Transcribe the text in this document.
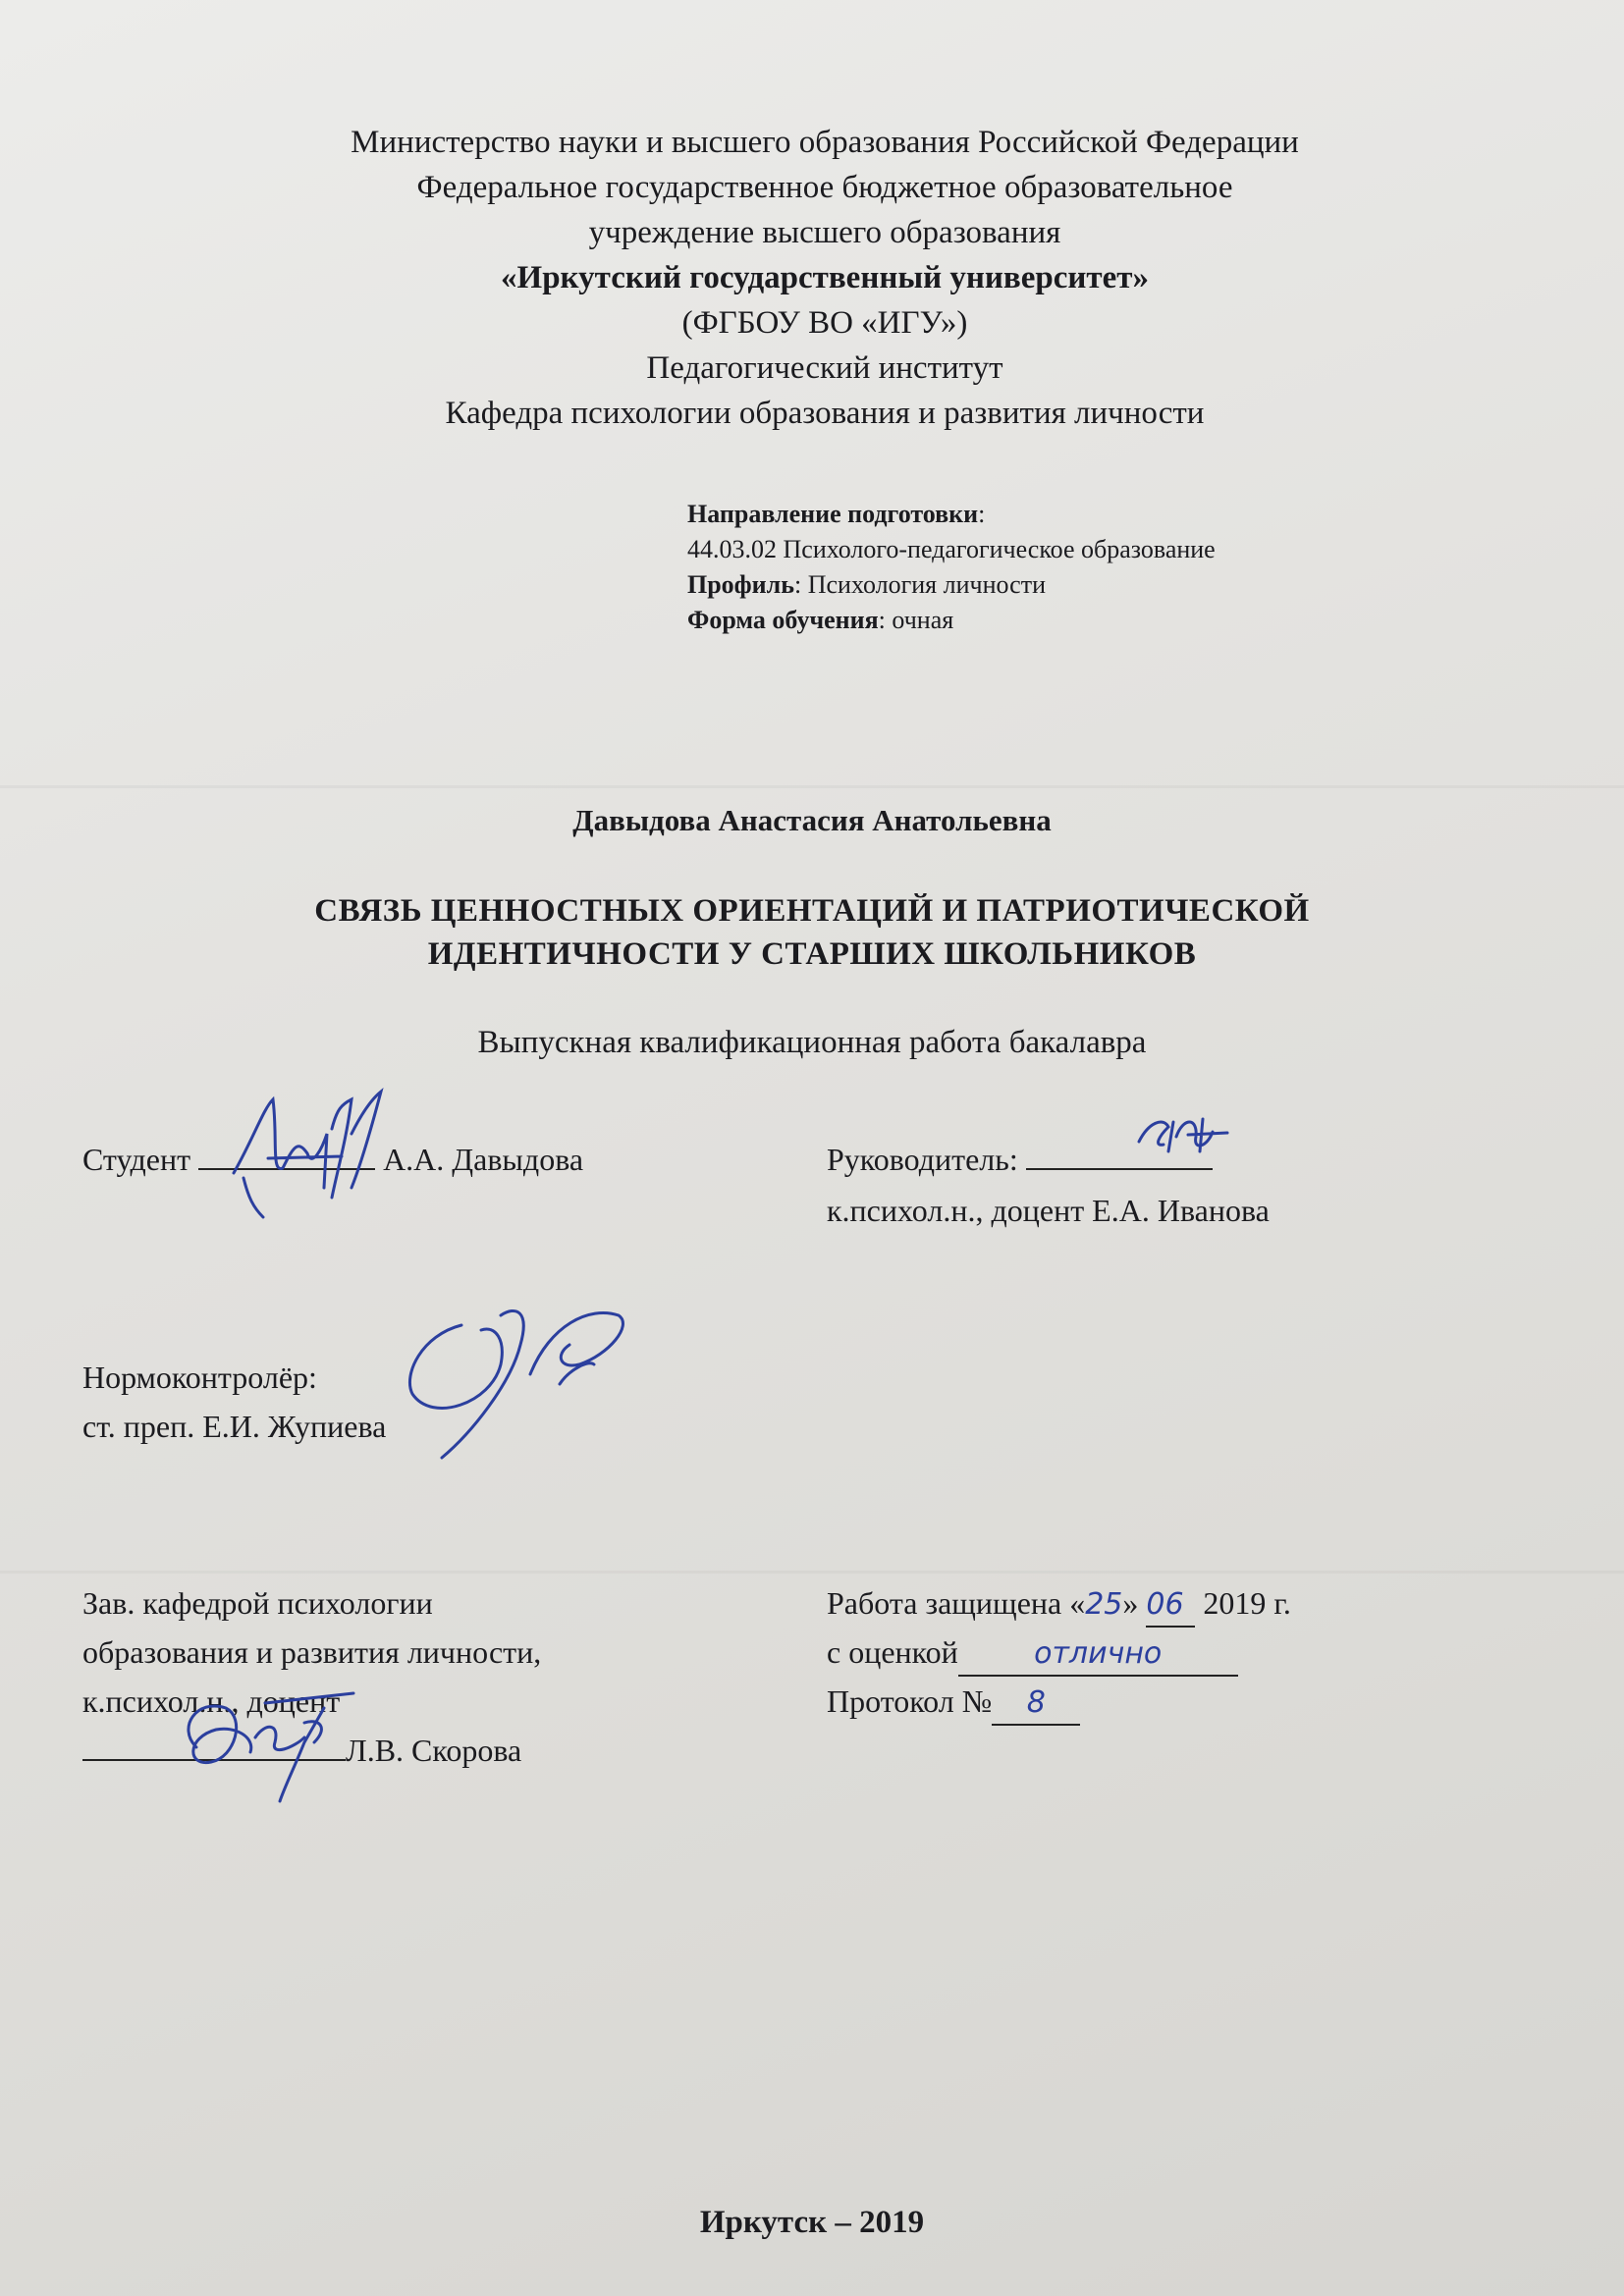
Министерство науки и высшего образования Российской Федерации
Федеральное государственное бюджетное образовательное
учреждение высшего образования
«Иркутский государственный университет»
(ФГБОУ ВО «ИГУ»)
Педагогический институт
Кафедра психологии образования и развития личности
Направление подготовки:
44.03.02 Психолого-педагогическое образование
Профиль: Психология личности
Форма обучения: очная
Давыдова Анастасия Анатольевна
СВЯЗЬ ЦЕННОСТНЫХ ОРИЕНТАЦИЙ И ПАТРИОТИЧЕСКОЙ
ИДЕНТИЧНОСТИ У СТАРШИХ ШКОЛЬНИКОВ
Выпускная квалификационная работа бакалавра
Студент	А.А. Давыдова	Руководитель:
к.психол.н., доцент Е.А. Иванова
Нормоконтролёр:
ст. преп. Е.И. Жупиева
Зав. кафедрой психологии
образования и развития личности,
к.психол.н., доцент
Л.В. Скорова
Работа защищена «25» 06 2019 г.
с оценкой	отлично
Протокол № 8
Иркутск – 2019
